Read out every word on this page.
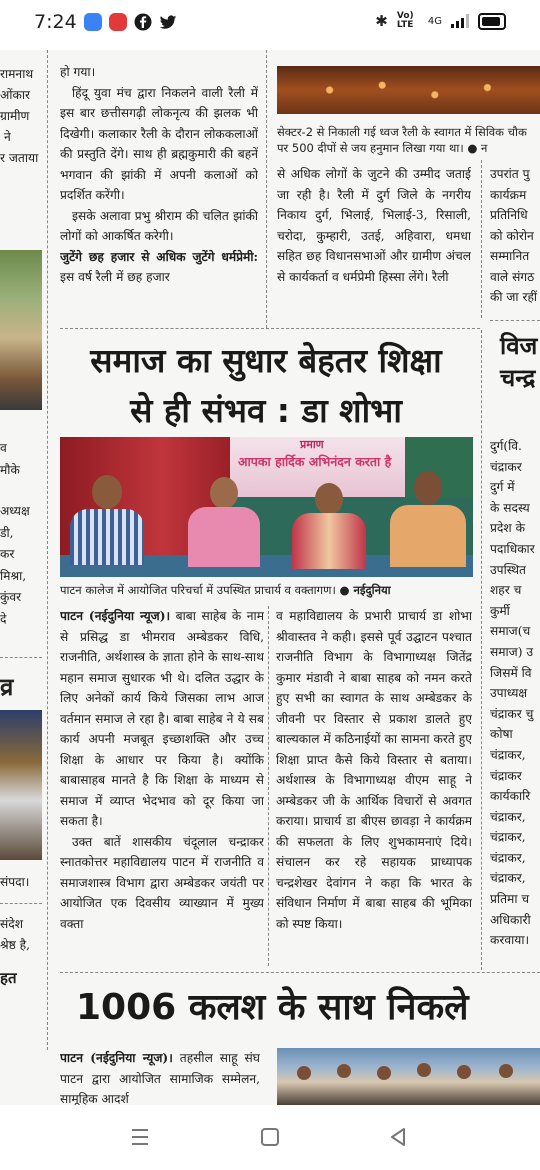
7:24	✱ Vo) LTE	4G
रामनाथ
ओंकार
ग्रामीण
ने
र जताया
व
मौके
अध्यक्ष
डी,
कर
मिश्रा,
कुंवर
दे
व्र
संपदा।
संदेश
श्रेष्ठ है,
हत

हो गया।

हिंदू युवा मंच द्वारा निकलने वाली रैली में इस बार छत्तीसगढ़ी लोकनृत्य की झलक भी दिखेगी। कलाकार रैली के दौरान लोककलाओं की प्रस्तुति देंगे। साथ ही ब्रह्मकुमारी की बहनें भगवान की झांकी में अपनी कलाओं को प्रदर्शित करेंगी।

इसके अलावा प्रभु श्रीराम की चलित झांकी लोगों को आकर्षित करेगी।

जुटेंगे छह हजार से अधिक जुटेंगे धर्मप्रेमी: इस वर्ष रैली में छह हजार

सेक्टर-2 से निकाली गई ध्वज रैली के स्वागत में सिविक चौक पर 500 दीपों से जय हनुमान लिखा गया था। ● न

से अधिक लोगों के जुटने की उम्मीद जताई जा रही है। रैली में दुर्ग जिले के नगरीय निकाय दुर्ग, भिलाई, भिलाई-3, रिसाली, चरोदा, कुम्हारी, उतई, अहिवारा, धमधा सहित छह विधानसभाओं और ग्रामीण अंचल से कार्यकर्ता व धर्मप्रेमी हिस्सा लेंगे। रैली

उपरांत पु कार्यक्रम प्रतिनिधि को कोरोन सम्मानित वाले संगठ की जा रहीं

विज
चन्द्र
दुर्ग(वि.
चंद्राकर
दुर्ग में
के सदस्य
प्रदेश के
पदाधिकार
उपस्थित
शहर च
कुर्मी
समाज(च
समाज) उ
जिसमें वि
उपाध्यक्ष
चंद्राकर चु
कोषा
चंद्राकर,
चंद्राकर
कार्यकारि
चंद्राकर,
चंद्राकर,
चंद्राकर,
चंद्राकर,
प्रतिमा च
अधिकारी
करवाया।
समाज का सुधार बेहतर शिक्षा
से ही संभव : डा शोभा
प्रमाण
आपका हार्दिक अभिनंदन करता है
पाटन कालेज में आयोजित परिचर्चा में उपस्थित प्राचार्य व वक्तागण। ● नईदुनिया

पाटन (नईदुनिया न्यूज)। बाबा साहेब के नाम से प्रसिद्ध डा भीमराव अम्बेडकर विधि, राजनीति, अर्थशास्त्र के ज्ञाता होने के साथ-साथ महान समाज सुधारक भी थे। दलित उद्धार के लिए अनेकों कार्य किये जिसका लाभ आज वर्तमान समाज ले रहा है। बाबा साहेब ने ये सब कार्य अपनी मजबूत इच्छाशक्ति और उच्च शिक्षा के आधार पर किया है। क्योंकि बाबासाहब मानते है कि शिक्षा के माध्यम से समाज में व्याप्त भेदभाव को दूर किया जा सकता है।

उक्त बातें शासकीय चंदूलाल चन्द्राकर स्नातकोत्तर महाविद्यालय पाटन में राजनीति व समाजशास्त्र विभाग द्वारा अम्बेडकर जयंती पर आयोजित एक दिवसीय व्याख्यान में मुख्य वक्ता

व महाविद्यालय के प्रभारी प्राचार्य डा शोभा श्रीवास्तव ने कही। इससे पूर्व उद्घाटन पश्चात राजनीति विभाग के विभागाध्यक्ष जितेंद्र कुमार मंडावी ने बाबा साहब को नमन करते हुए सभी का स्वागत के साथ अम्बेडकर के जीवनी पर विस्तार से प्रकाश डालते हुए बाल्यकाल में कठिनाईयों का सामना करते हुए शिक्षा प्राप्त कैसे किये विस्तार से बताया। अर्थशास्त्र के विभागाध्यक्ष वीएम साहू ने अम्बेडकर जी के आर्थिक विचारों से अवगत कराया। प्राचार्य डा बीएस छावड़ा ने कार्यक्रम की सफलता के लिए शुभकामनाएं दिये। संचालन कर रहे सहायक प्राध्यापक चन्द्रशेखर देवांगन ने कहा कि भारत के संविधान निर्माण में बाबा साहब की भूमिका को स्पष्ट किया।

1006 कलश के साथ निकले

पाटन (नईदुनिया न्यूज)। तहसील साहू संघ पाटन द्वारा आयोजित सामाजिक सम्मेलन, सामूहिक आदर्श
